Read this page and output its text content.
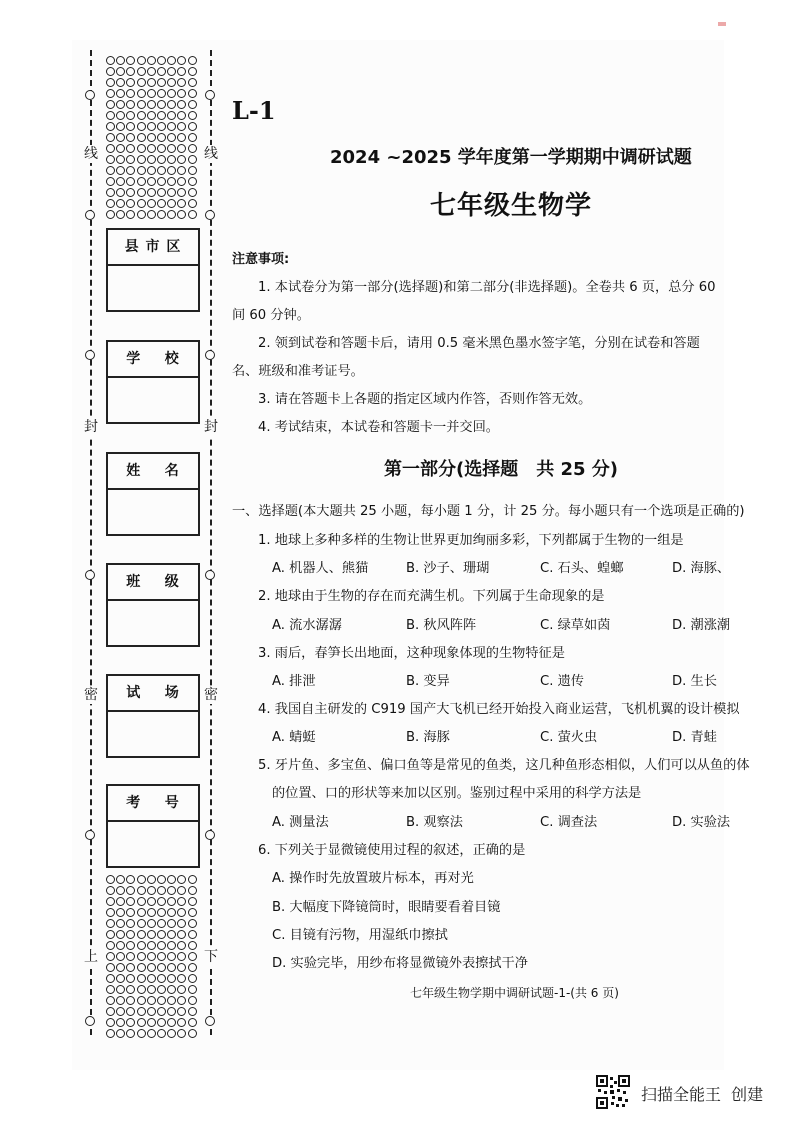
线
封
密
上
线
封
密
下
县 市 区
学    校
姓    名
班    级
试    场
考    号
L-1
2024 ~2025 学年度第一学期期中调研试题
七年级生物学
注意事项:
1. 本试卷分为第一部分(选择题)和第二部分(非选择题)。全卷共 6 页，总分 60
间 60 分钟。
2. 领到试卷和答题卡后，请用 0.5 毫米黑色墨水签字笔，分别在试卷和答题
名、班级和准考证号。
3. 请在答题卡上各题的指定区域内作答，否则作答无效。
4. 考试结束，本试卷和答题卡一并交回。
第一部分(选择题　共 25 分)
一、选择题(本大题共 25 小题，每小题 1 分，计 25 分。每小题只有一个选项是正确的)
1. 地球上多种多样的生物让世界更加绚丽多彩，下列都属于生物的一组是
A. 机器人、熊猫	B. 沙子、珊瑚	C. 石头、蝗螂	D. 海豚、
2. 地球由于生物的存在而充满生机。下列属于生命现象的是
A. 流水潺潺	B. 秋风阵阵	C. 绿草如茵	D. 潮涨潮
3. 雨后，春笋长出地面，这种现象体现的生物特征是
A. 排泄	B. 变异	C. 遗传	D. 生长
4. 我国自主研发的 C919 国产大飞机已经开始投入商业运营，飞机机翼的设计模拟
A. 蜻蜓	B. 海豚	C. 萤火虫	D. 青蛙
5. 牙片鱼、多宝鱼、偏口鱼等是常见的鱼类，这几种鱼形态相似，人们可以从鱼的体
的位置、口的形状等来加以区别。鉴别过程中采用的科学方法是
A. 测量法	B. 观察法	C. 调查法	D. 实验法
6. 下列关于显微镜使用过程的叙述，正确的是
A. 操作时先放置玻片标本，再对光
B. 大幅度下降镜筒时，眼睛要看着目镜
C. 目镜有污物，用湿纸巾擦拭
D. 实验完毕，用纱布将显微镜外表擦拭干净
七年级生物学期中调研试题-1-(共 6 页)
扫描全能王  创建
